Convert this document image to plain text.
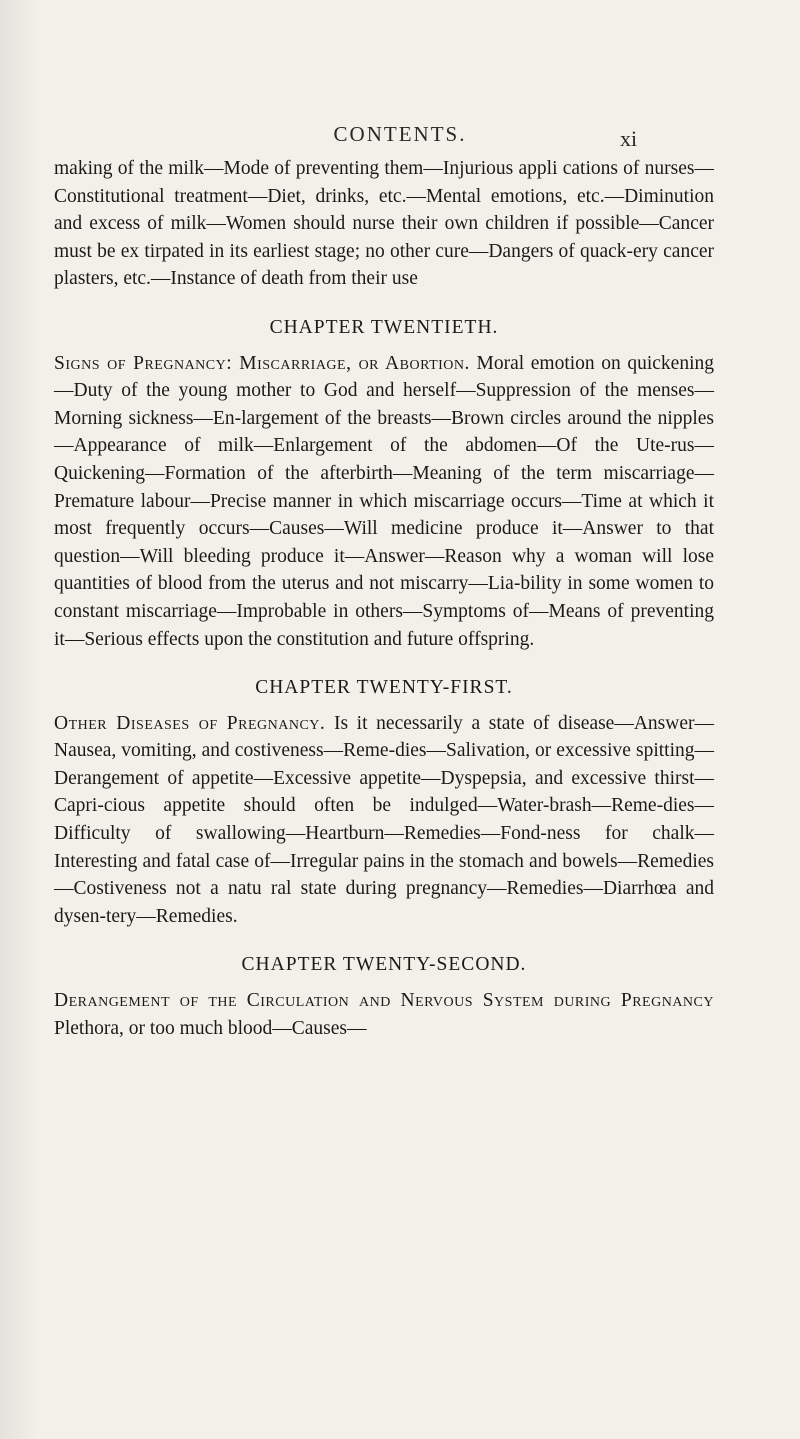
CONTENTS.	xi

making of the milk—Mode of preventing them—Injurious appli cations of nurses—Constitutional treatment—Diet, drinks, etc.—Mental emotions, etc.—Diminution and excess of milk—Women should nurse their own children if possible—Cancer must be ex tirpated in its earliest stage; no other cure—Dangers of quack-ery cancer plasters, etc.—Instance of death from their use

CHAPTER TWENTIETH.

Signs of Pregnancy: Miscarriage, or Abortion. Moral emotion on quickening—Duty of the young mother to God and herself—Suppression of the menses—Morning sickness—En-largement of the breasts—Brown circles around the nipples—Appearance of milk—Enlargement of the abdomen—Of the Ute-rus—Quickening—Formation of the afterbirth—Meaning of the term miscarriage—Premature labour—Precise manner in which miscarriage occurs—Time at which it most frequently occurs—Causes—Will medicine produce it—Answer to that question—Will bleeding produce it—Answer—Reason why a woman will lose quantities of blood from the uterus and not miscarry—Lia-bility in some women to constant miscarriage—Improbable in others—Symptoms of—Means of preventing it—Serious effects upon the constitution and future offspring.

CHAPTER TWENTY-FIRST.

Other Diseases of Pregnancy. Is it necessarily a state of disease—Answer—Nausea, vomiting, and costiveness—Reme-dies—Salivation, or excessive spitting—Derangement of appetite—Excessive appetite—Dyspepsia, and excessive thirst—Capri-cious appetite should often be indulged—Water-brash—Reme-dies—Difficulty of swallowing—Heartburn—Remedies—Fond-ness for chalk—Interesting and fatal case of—Irregular pains in the stomach and bowels—Remedies—Costiveness not a natu ral state during pregnancy—Remedies—Diarrhœa and dysen-tery—Remedies.

CHAPTER TWENTY-SECOND.

Derangement of the Circulation and Nervous System during Pregnancy Plethora, or too much blood—Causes—
